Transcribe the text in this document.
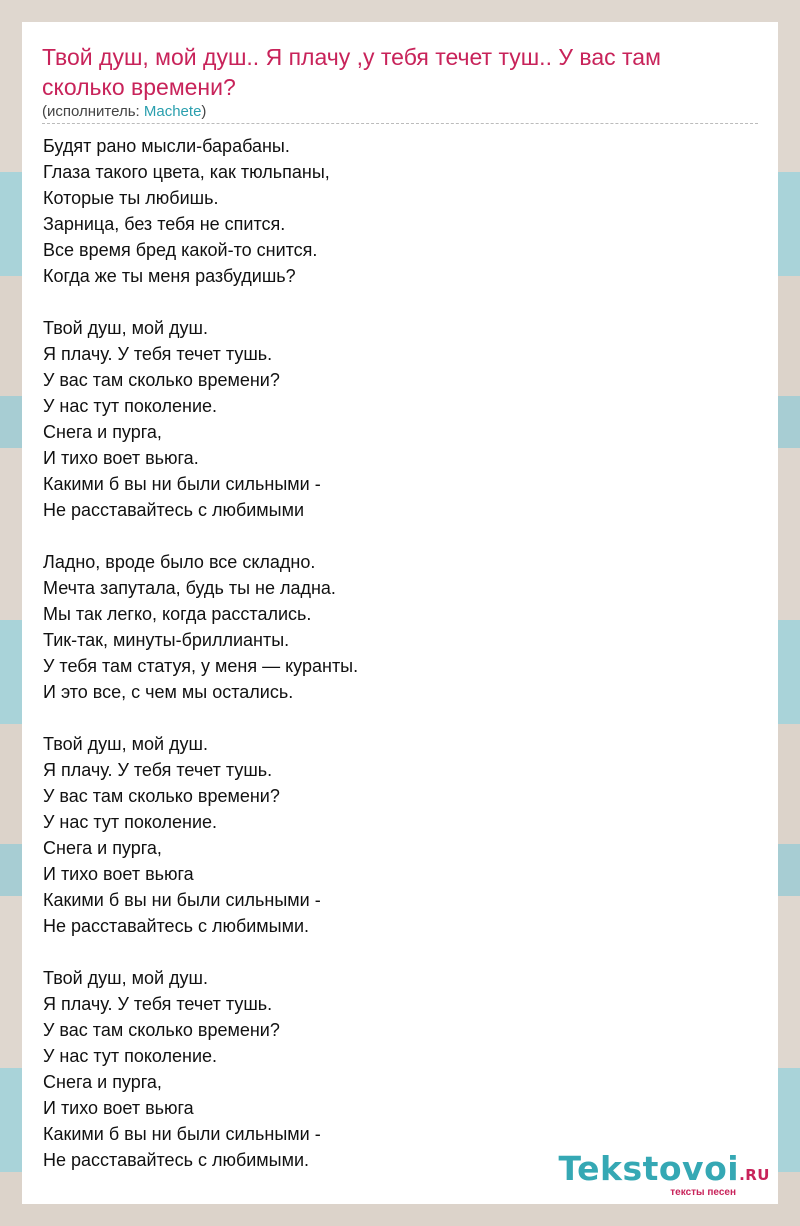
Твой душ, мой душ.. Я плачу ,у тебя течет туш.. У вас там сколько времени?
(исполнитель: Machete)
Будят рано мысли-барабаны.
Глаза такого цвета, как тюльпаны,
Которые ты любишь.
Зарница, без тебя не спится.
Все время бред какой-то снится.
Когда же ты меня разбудишь?
Твой душ, мой душ.
Я плачу. У тебя течет тушь.
У вас там сколько времени?
У нас тут поколение.
Снега и пурга,
И тихо воет вьюга.
Какими б вы ни были сильными -
Не расставайтесь с любимыми
Ладно, вроде было все складно.
Мечта запутала, будь ты не ладна.
Мы так легко, когда расстались.
Тик-так, минуты-бриллианты.
У тебя там статуя, у меня — куранты.
И это все, с чем мы остались.
Твой душ, мой душ.
Я плачу. У тебя течет тушь.
У вас там сколько времени?
У нас тут поколение.
Снега и пурга,
И тихо воет вьюга
Какими б вы ни были сильными -
Не расставайтесь с любимыми.
Твой душ, мой душ.
Я плачу. У тебя течет тушь.
У вас там сколько времени?
У нас тут поколение.
Снега и пурга,
И тихо воет вьюга
Какими б вы ни были сильными -
Не расставайтесь с любимыми.	Tekstovoi.RU
тексты песен
